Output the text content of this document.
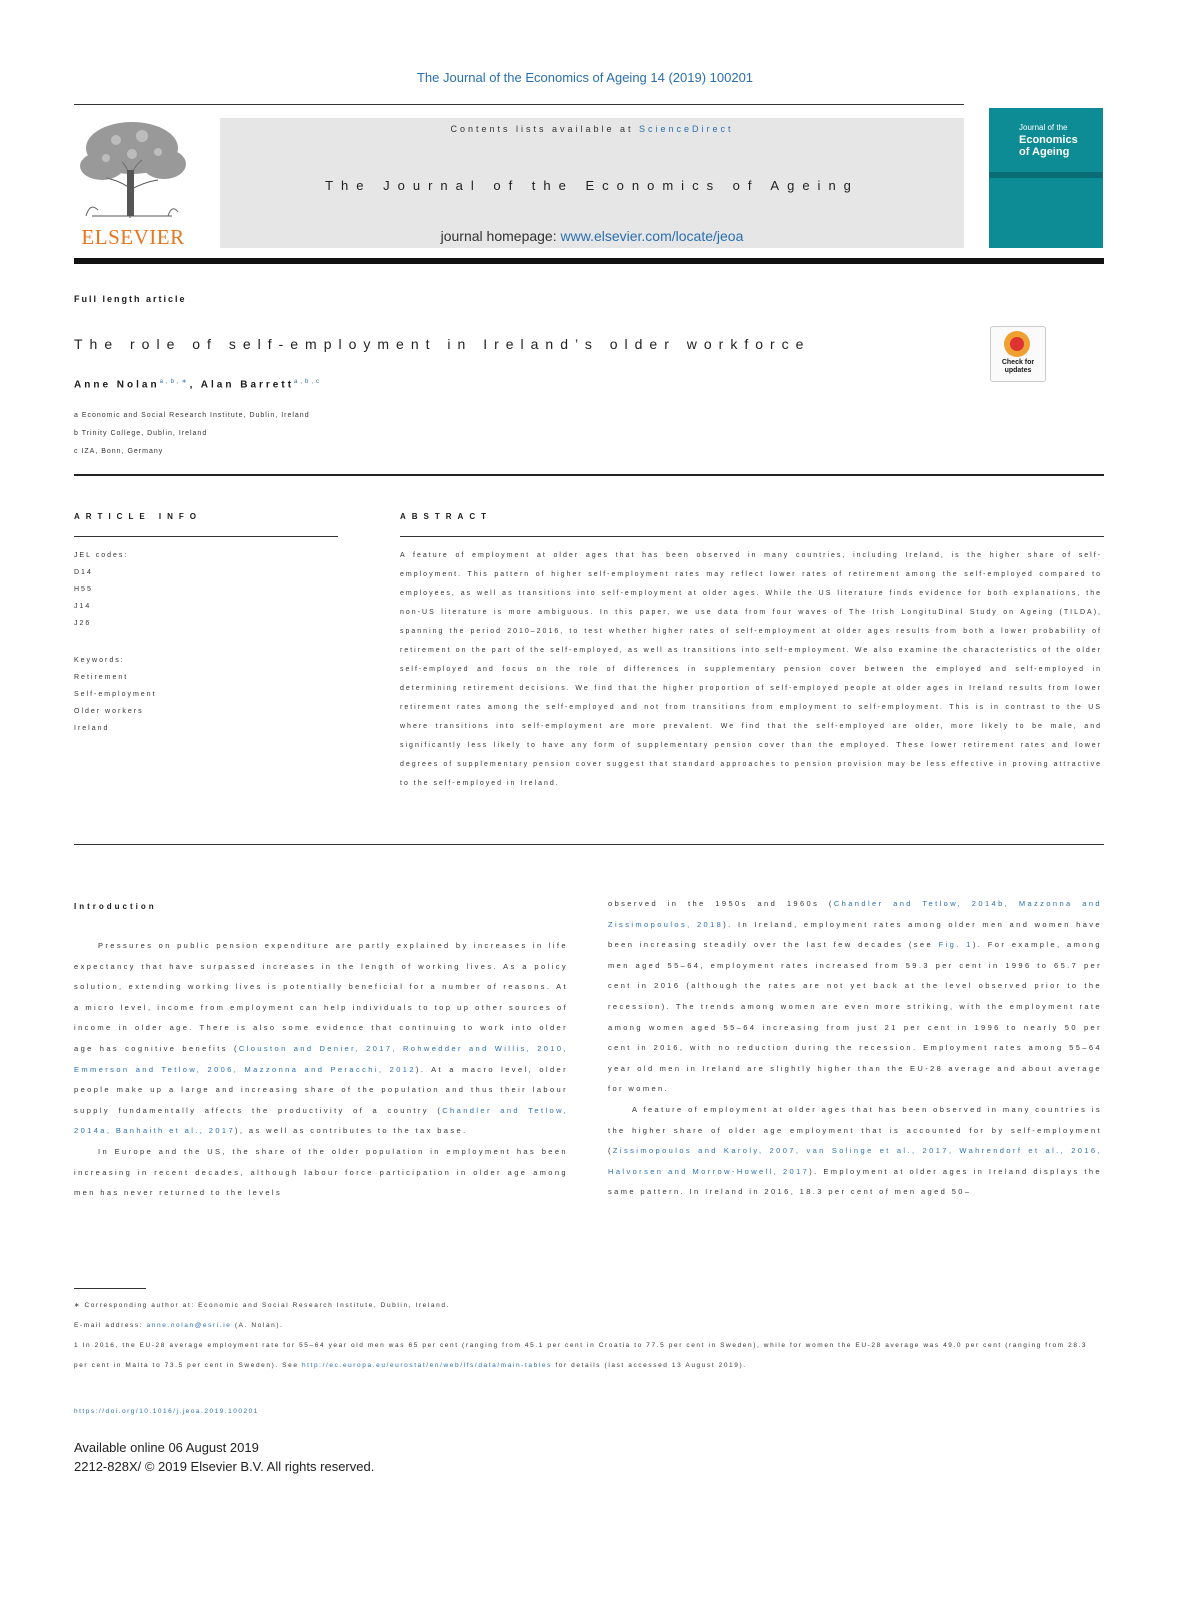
The Journal of the Economics of Ageing 14 (2019) 100201
ELSEVIER
Contents lists available at ScienceDirect
The Journal of the Economics of Ageing
journal homepage: www.elsevier.com/locate/jeoa
Journal of the
Economics
of Ageing
Full length article
The role of self-employment in Ireland’s older workforce
Anne Nolan$^{a,b,∗}$, Alan Barrett$^{a,b,c}$
a Economic and Social Research Institute, Dublin, Ireland
b Trinity College, Dublin, Ireland
c IZA, Bonn, Germany
Check for updates
ARTICLE INFO
JEL codes:
D14
H55
J14
J26
Keywords:
Retirement
Self-employment
Older workers
Ireland
ABSTRACT
A feature of employment at older ages that has been observed in many countries, including Ireland, is the higher share of self-employment. This pattern of higher self-employment rates may reflect lower rates of retirement among the self-employed compared to employees, as well as transitions into self-employment at older ages. While the US literature finds evidence for both explanations, the non-US literature is more ambiguous. In this paper, we use data from four waves of The Irish LongituDinal Study on Ageing (TILDA), spanning the period 2010–2016, to test whether higher rates of self-employment at older ages results from both a lower probability of retirement on the part of the self-employed, as well as transitions into self-employment. We also examine the characteristics of the older self-employed and focus on the role of differences in supplementary pension cover between the employed and self-employed in determining retirement decisions. We find that the higher proportion of self-employed people at older ages in Ireland results from lower retirement rates among the self-employed and not from transitions from employment to self-employment. This is in contrast to the US where transitions into self-employment are more prevalent. We find that the self-employed are older, more likely to be male, and significantly less likely to have any form of supplementary pension cover than the employed. These lower retirement rates and lower degrees of supplementary pension cover suggest that standard approaches to pension provision may be less effective in proving attractive to the self-employed in Ireland.
Introduction

Pressures on public pension expenditure are partly explained by increases in life expectancy that have surpassed increases in the length of working lives. As a policy solution, extending working lives is potentially beneficial for a number of reasons. At a micro level, income from employment can help individuals to top up other sources of income in older age. There is also some evidence that continuing to work into older age has cognitive benefits (Clouston and Denier, 2017, Rohwedder and Willis, 2010, Emmerson and Tetlow, 2006, Mazzonna and Peracchi, 2012). At a macro level, older people make up a large and increasing share of the population and thus their labour supply fundamentally affects the productivity of a country (Chandler and Tetlow, 2014a, Banhaith et al., 2017), as well as contributes to the tax base.

In Europe and the US, the share of the older population in employment has been increasing in recent decades, although labour force participation in older age among men has never returned to the levels

observed in the 1950s and 1960s (Chandler and Tetlow, 2014b, Mazzonna and Zissimopoulos, 2018). In Ireland, employment rates among older men and women have been increasing steadily over the last few decades (see Fig. 1). For example, among men aged 55–64, employment rates increased from 59.3 per cent in 1996 to 65.7 per cent in 2016 (although the rates are not yet back at the level observed prior to the recession). The trends among women are even more striking, with the employment rate among women aged 55–64 increasing from just 21 per cent in 1996 to nearly 50 per cent in 2016, with no reduction during the recession. Employment rates among 55–64 year old men in Ireland are slightly higher than the EU-28 average and about average for women.

A feature of employment at older ages that has been observed in many countries is the higher share of older age employment that is accounted for by self-employment (Zissimopoulos and Karoly, 2007, van Solinge et al., 2017, Wahrendorf et al., 2016, Halvorsen and Morrow-Howell, 2017). Employment at older ages in Ireland displays the same pattern. In Ireland in 2016, 18.3 per cent of men aged 50–

∗ Corresponding author at: Economic and Social Research Institute, Dublin, Ireland.
E-mail address: anne.nolan@esri.ie (A. Nolan).
1 In 2016, the EU-28 average employment rate for 55–64 year old men was 65 per cent (ranging from 45.1 per cent in Croatia to 77.5 per cent in Sweden), while for women the EU-28 average was 49.0 per cent (ranging from 28.3 per cent in Malta to 73.5 per cent in Sweden). See http://ec.europa.eu/eurostat/en/web/lfs/data/main-tables for details (last accessed 13 August 2019).
https://doi.org/10.1016/j.jeoa.2019.100201
Available online 06 August 2019
2212-828X/ © 2019 Elsevier B.V. All rights reserved.
